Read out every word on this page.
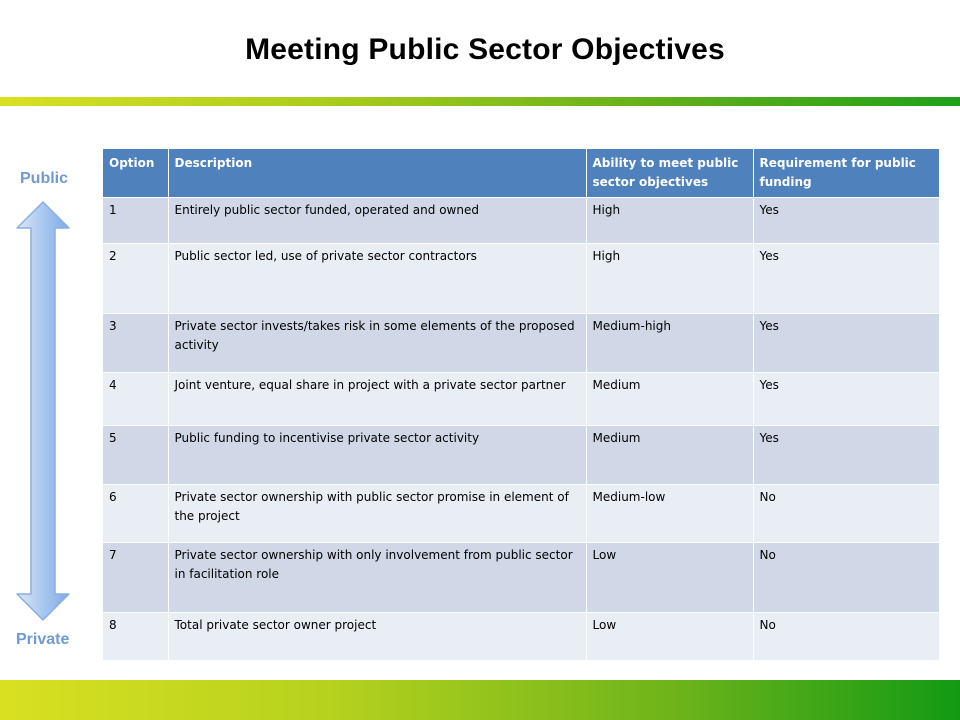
Meeting Public Sector Objectives
Public
Private
Option	Description	Ability to meet public sector objectives	Requirement for public funding
1	Entirely public sector funded, operated and owned	High	Yes
2	Public sector led, use of private sector contractors	High	Yes
3	Private sector invests/takes risk in some elements of the proposed activity	Medium-high	Yes
4	Joint venture, equal share in project with a private sector partner	Medium	Yes
5	Public funding to incentivise private sector activity	Medium	Yes
6	Private sector ownership with public sector promise in element of the project	Medium-low	No
7	Private sector ownership with only involvement from public sector in facilitation role	Low	No
8	Total private sector owner project	Low	No
